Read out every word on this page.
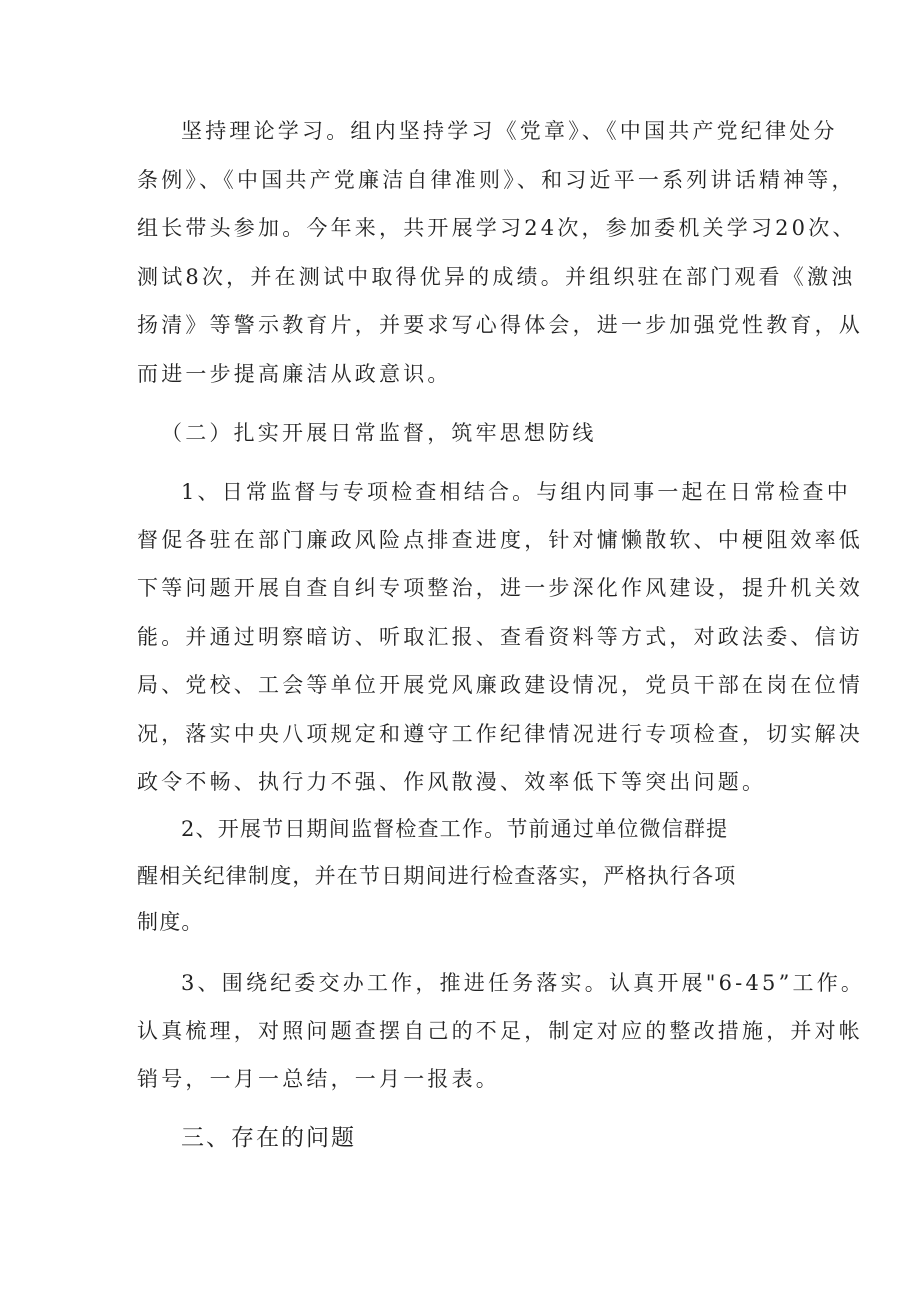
坚持理论学习。组内坚持学习《党章》、《中国共产党纪律处分
条例》、《中国共产党廉洁自律准则》、和习近平一系列讲话精神等，
组长带头参加。今年来，共开展学习24次，参加委机关学习20次、
测试8次，并在测试中取得优异的成绩。并组织驻在部门观看《激浊
扬清》等警示教育片，并要求写心得体会，进一步加强党性教育，从
而进一步提高廉洁从政意识。
（二）扎实开展日常监督，筑牢思想防线
1、日常监督与专项检查相结合。与组内同事一起在日常检查中
督促各驻在部门廉政风险点排查进度，针对慵懒散软、中梗阻效率低
下等问题开展自查自纠专项整治，进一步深化作风建设，提升机关效
能。并通过明察暗访、听取汇报、查看资料等方式，对政法委、信访
局、党校、工会等单位开展党风廉政建设情况，党员干部在岗在位情
况，落实中央八项规定和遵守工作纪律情况进行专项检查，切实解决
政令不畅、执行力不强、作风散漫、效率低下等突出问题。
2、开展节日期间监督检查工作。节前通过单位微信群提
醒相关纪律制度，并在节日期间进行检查落实，严格执行各项
制度。
3、围绕纪委交办工作，推进任务落实。认真开展"6-45”工作。
认真梳理，对照问题查摆自己的不足，制定对应的整改措施，并对帐
销号，一月一总结，一月一报表。
三、存在的问题
